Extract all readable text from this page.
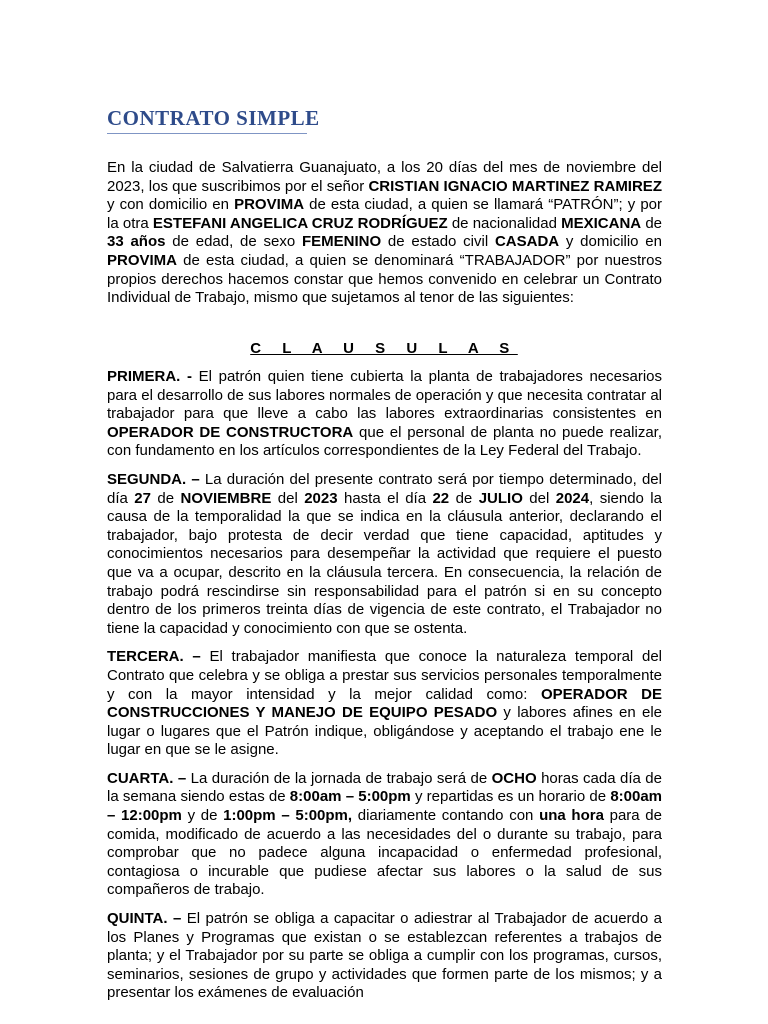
CONTRATO SIMPLE

En la ciudad de Salvatierra Guanajuato, a los 20 días del mes de noviembre del 2023, los que suscribimos por el señor CRISTIAN IGNACIO MARTINEZ RAMIREZ y con domicilio en PROVIMA de esta ciudad, a quien se llamará “PATRÓN”; y por la otra ESTEFANI ANGELICA CRUZ RODRÍGUEZ de nacionalidad MEXICANA de 33 años de edad, de sexo FEMENINO de estado civil CASADA y domicilio en PROVIMA de esta ciudad, a quien se denominará “TRABAJADOR” por nuestros propios derechos hacemos constar que hemos convenido en celebrar un Contrato Individual de Trabajo, mismo que sujetamos al tenor de las siguientes:

C L A U S U L A S

PRIMERA. - El patrón quien tiene cubierta la planta de trabajadores necesarios para el desarrollo de sus labores normales de operación y que necesita contratar al trabajador para que lleve a cabo las labores extraordinarias consistentes en OPERADOR DE CONSTRUCTORA que el personal de planta no puede realizar, con fundamento en los artículos correspondientes de la Ley Federal del Trabajo.

SEGUNDA. – La duración del presente contrato será por tiempo determinado, del día 27 de NOVIEMBRE del 2023 hasta el día 22 de JULIO del 2024, siendo la causa de la temporalidad la que se indica en la cláusula anterior, declarando el trabajador, bajo protesta de decir verdad que tiene capacidad, aptitudes y conocimientos necesarios para desempeñar la actividad que requiere el puesto que va a ocupar, descrito en la cláusula tercera. En consecuencia, la relación de trabajo podrá rescindirse sin responsabilidad para el patrón si en su concepto dentro de los primeros treinta días de vigencia de este contrato, el Trabajador no tiene la capacidad y conocimiento con que se ostenta.

TERCERA. – El trabajador manifiesta que conoce la naturaleza temporal del Contrato que celebra y se obliga a prestar sus servicios personales temporalmente y con la mayor intensidad y la mejor calidad como: OPERADOR DE CONSTRUCCIONES Y MANEJO DE EQUIPO PESADO y labores afines en ele lugar o lugares que el Patrón indique, obligándose y aceptando el trabajo ene le lugar en que se le asigne.

CUARTA. – La duración de la jornada de trabajo será de OCHO horas cada día de la semana siendo estas de 8:00am – 5:00pm y repartidas es un horario de 8:00am – 12:00pm y de 1:00pm – 5:00pm, diariamente contando con una hora para de comida, modificado de acuerdo a las necesidades del o durante su trabajo, para comprobar que no padece alguna incapacidad o enfermedad profesional, contagiosa o incurable que pudiese afectar sus labores o la salud de sus compañeros de trabajo.

QUINTA. – El patrón se obliga a capacitar o adiestrar al Trabajador de acuerdo a los Planes y Programas que existan o se establezcan referentes a trabajos de planta; y el Trabajador por su parte se obliga a cumplir con los programas, cursos, seminarios, sesiones de grupo y actividades que formen parte de los mismos; y a presentar los exámenes de evaluación
